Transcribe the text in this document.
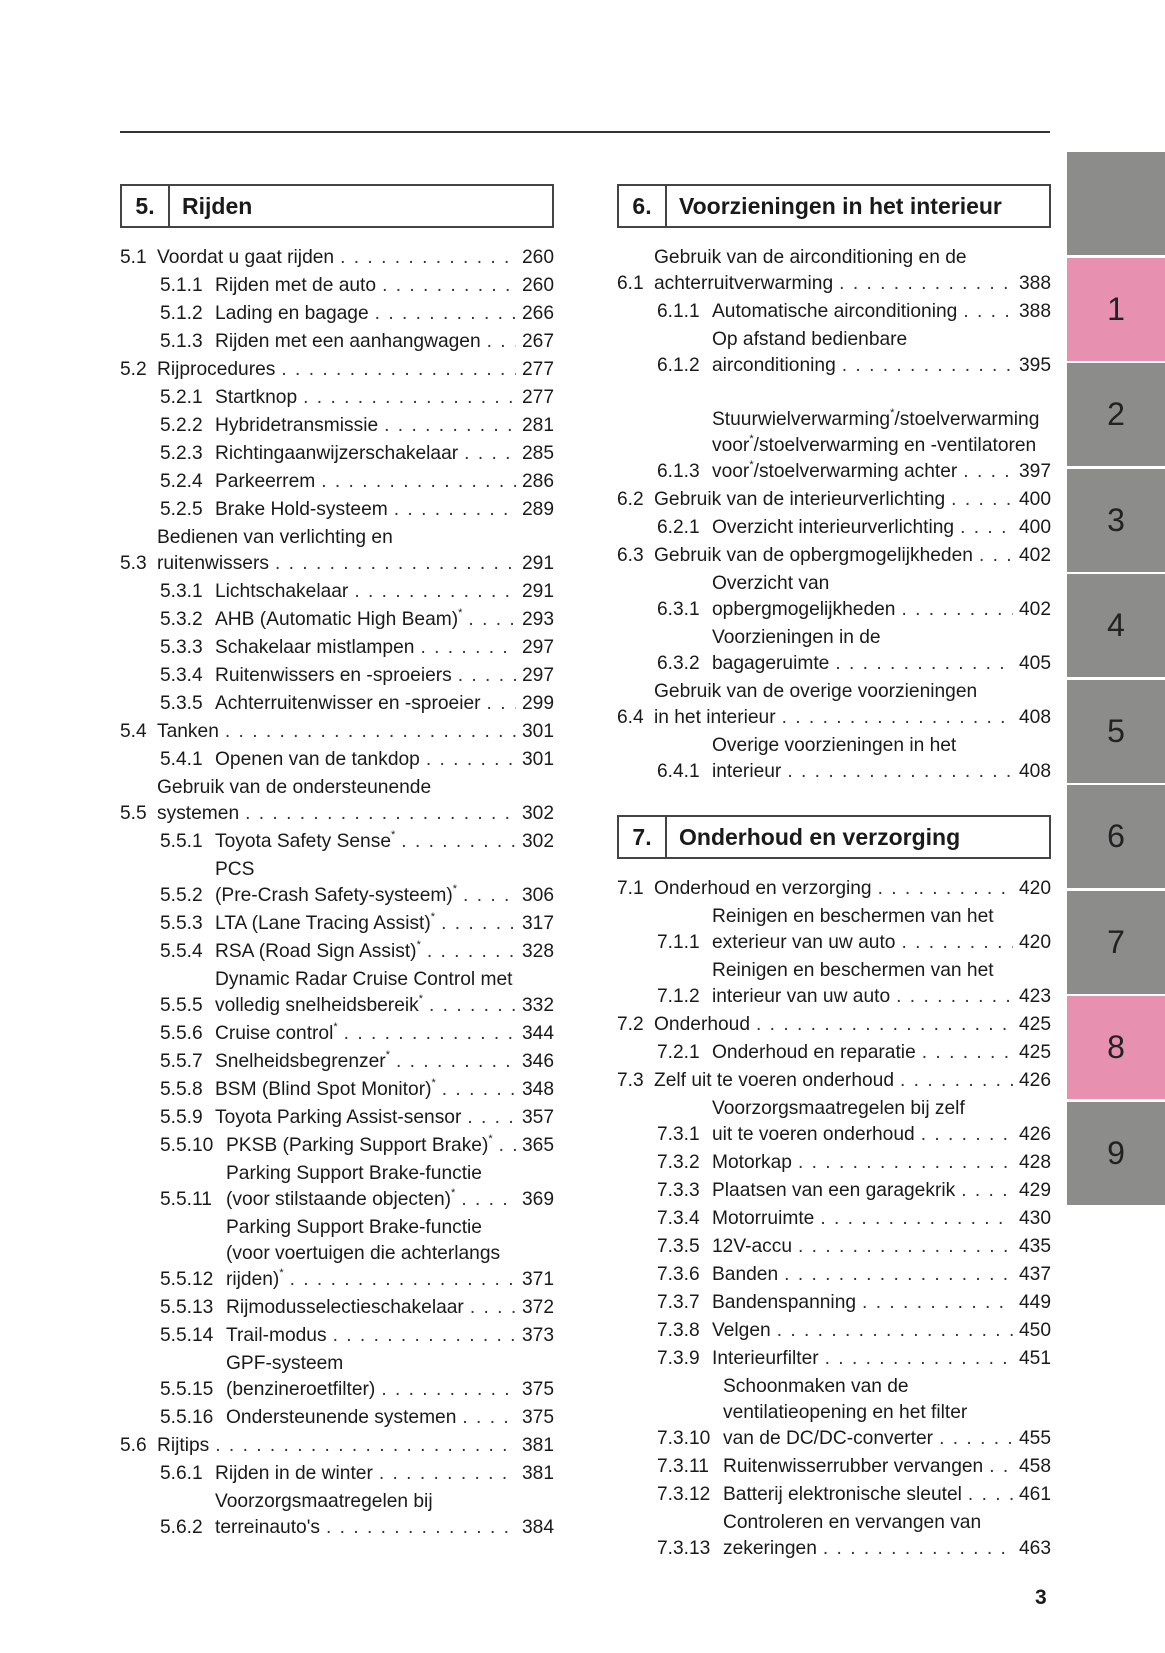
5.	Rijden
5.1 Voordat u gaat rijden . . .	260
5.1.1 Rijden met de auto . . .	260
5.1.2 Lading en bagage . . .	266
5.1.3 Rijden met een aanhangwagen . . .	267
5.2 Rijprocedures . . .	277
5.2.1 Startknop . . .	277
5.2.2 Hybridetransmissie . . .	281
5.2.3 Richtingaanwijzerschakelaar . . .	285
5.2.4 Parkeerrem . . .	286
5.2.5 Brake Hold-systeem . . .	289
5.3
Bedienen van verlichting en
ruitenwissers . . .	291
5.3.1 Lichtschakelaar . . .	291
5.3.2 AHB (Automatic High Beam)* . . .	293
5.3.3 Schakelaar mistlampen . . .	297
5.3.4 Ruitenwissers en -sproeiers . . .	297
5.3.5 Achterruitenwisser en -sproeier . . .	299
5.4 Tanken . . .	301
5.4.1 Openen van de tankdop . . .	301
5.5
Gebruik van de ondersteunende
systemen . . .	302
5.5.1 Toyota Safety Sense* . . .	302
5.5.2
PCS
(Pre-Crash Safety-systeem)* . . .	306
5.5.3 LTA (Lane Tracing Assist)* . . .	317
5.5.4 RSA (Road Sign Assist)* . . .	328
5.5.5
Dynamic Radar Cruise Control met
volledig snelheidsbereik* . . .	332
5.5.6 Cruise control* . . .	344
5.5.7 Snelheidsbegrenzer* . . .	346
5.5.8 BSM (Blind Spot Monitor)* . . .	348
5.5.9 Toyota Parking Assist-sensor . . .	357
5.5.10 PKSB (Parking Support Brake)* . . .	365
5.5.11
Parking Support Brake-functie
(voor stilstaande objecten)* . . .	369
5.5.12
Parking Support Brake-functie
(voor voertuigen die achterlangs
rijden)* . . .	371
5.5.13 Rijmodusselectieschakelaar . . .	372
5.5.14 Trail-modus . . .	373
5.5.15
GPF-systeem
(benzineroetfilter) . . .	375
5.5.16 Ondersteunende systemen . . .	375
5.6 Rijtips . . .	381
5.6.1 Rijden in de winter . . .	381
5.6.2
Voorzorgsmaatregelen bij
terreinauto's . . .	384
6.	Voorzieningen in het interieur
6.1
Gebruik van de airconditioning en de
achterruitverwarming . . .	388
6.1.1 Automatische airconditioning . . .	388
6.1.2
Op afstand bedienbare
airconditioning . . .	395
6.1.3

Stuurwielverwarming*/stoelverwarming
voor*/stoelverwarming en -ventilatoren
voor*/stoelverwarming achter . . .	397
6.2 Gebruik van de interieurverlichting . . .	400
6.2.1 Overzicht interieurverlichting . . .	400
6.3 Gebruik van de opbergmogelijkheden . . .	402
6.3.1
Overzicht van
opbergmogelijkheden . . .	402
6.3.2
Voorzieningen in de
bagageruimte . . .	405
6.4
Gebruik van de overige voorzieningen
in het interieur . . .	408
6.4.1
Overige voorzieningen in het
interieur . . .	408
7.	Onderhoud en verzorging
7.1 Onderhoud en verzorging . . .	420
7.1.1
Reinigen en beschermen van het
exterieur van uw auto . . .	420
7.1.2
Reinigen en beschermen van het
interieur van uw auto . . .	423
7.2 Onderhoud . . .	425
7.2.1 Onderhoud en reparatie . . .	425
7.3 Zelf uit te voeren onderhoud . . .	426
7.3.1
Voorzorgsmaatregelen bij zelf
uit te voeren onderhoud . . .	426
7.3.2 Motorkap . . .	428
7.3.3 Plaatsen van een garagekrik . . .	429
7.3.4 Motorruimte . . .	430
7.3.5 12V-accu . . .	435
7.3.6 Banden . . .	437
7.3.7 Bandenspanning . . .	449
7.3.8 Velgen . . .	450
7.3.9 Interieurfilter . . .	451
7.3.10
Schoonmaken van de
ventilatieopening en het filter
van de DC/DC-converter . . .	455
7.3.11 Ruitenwisserrubber vervangen . . .	458
7.3.12 Batterij elektronische sleutel . . .	461
7.3.13
Controleren en vervangen van
zekeringen . . .	463
1
2
3
4
5
6
7
8
9
3
